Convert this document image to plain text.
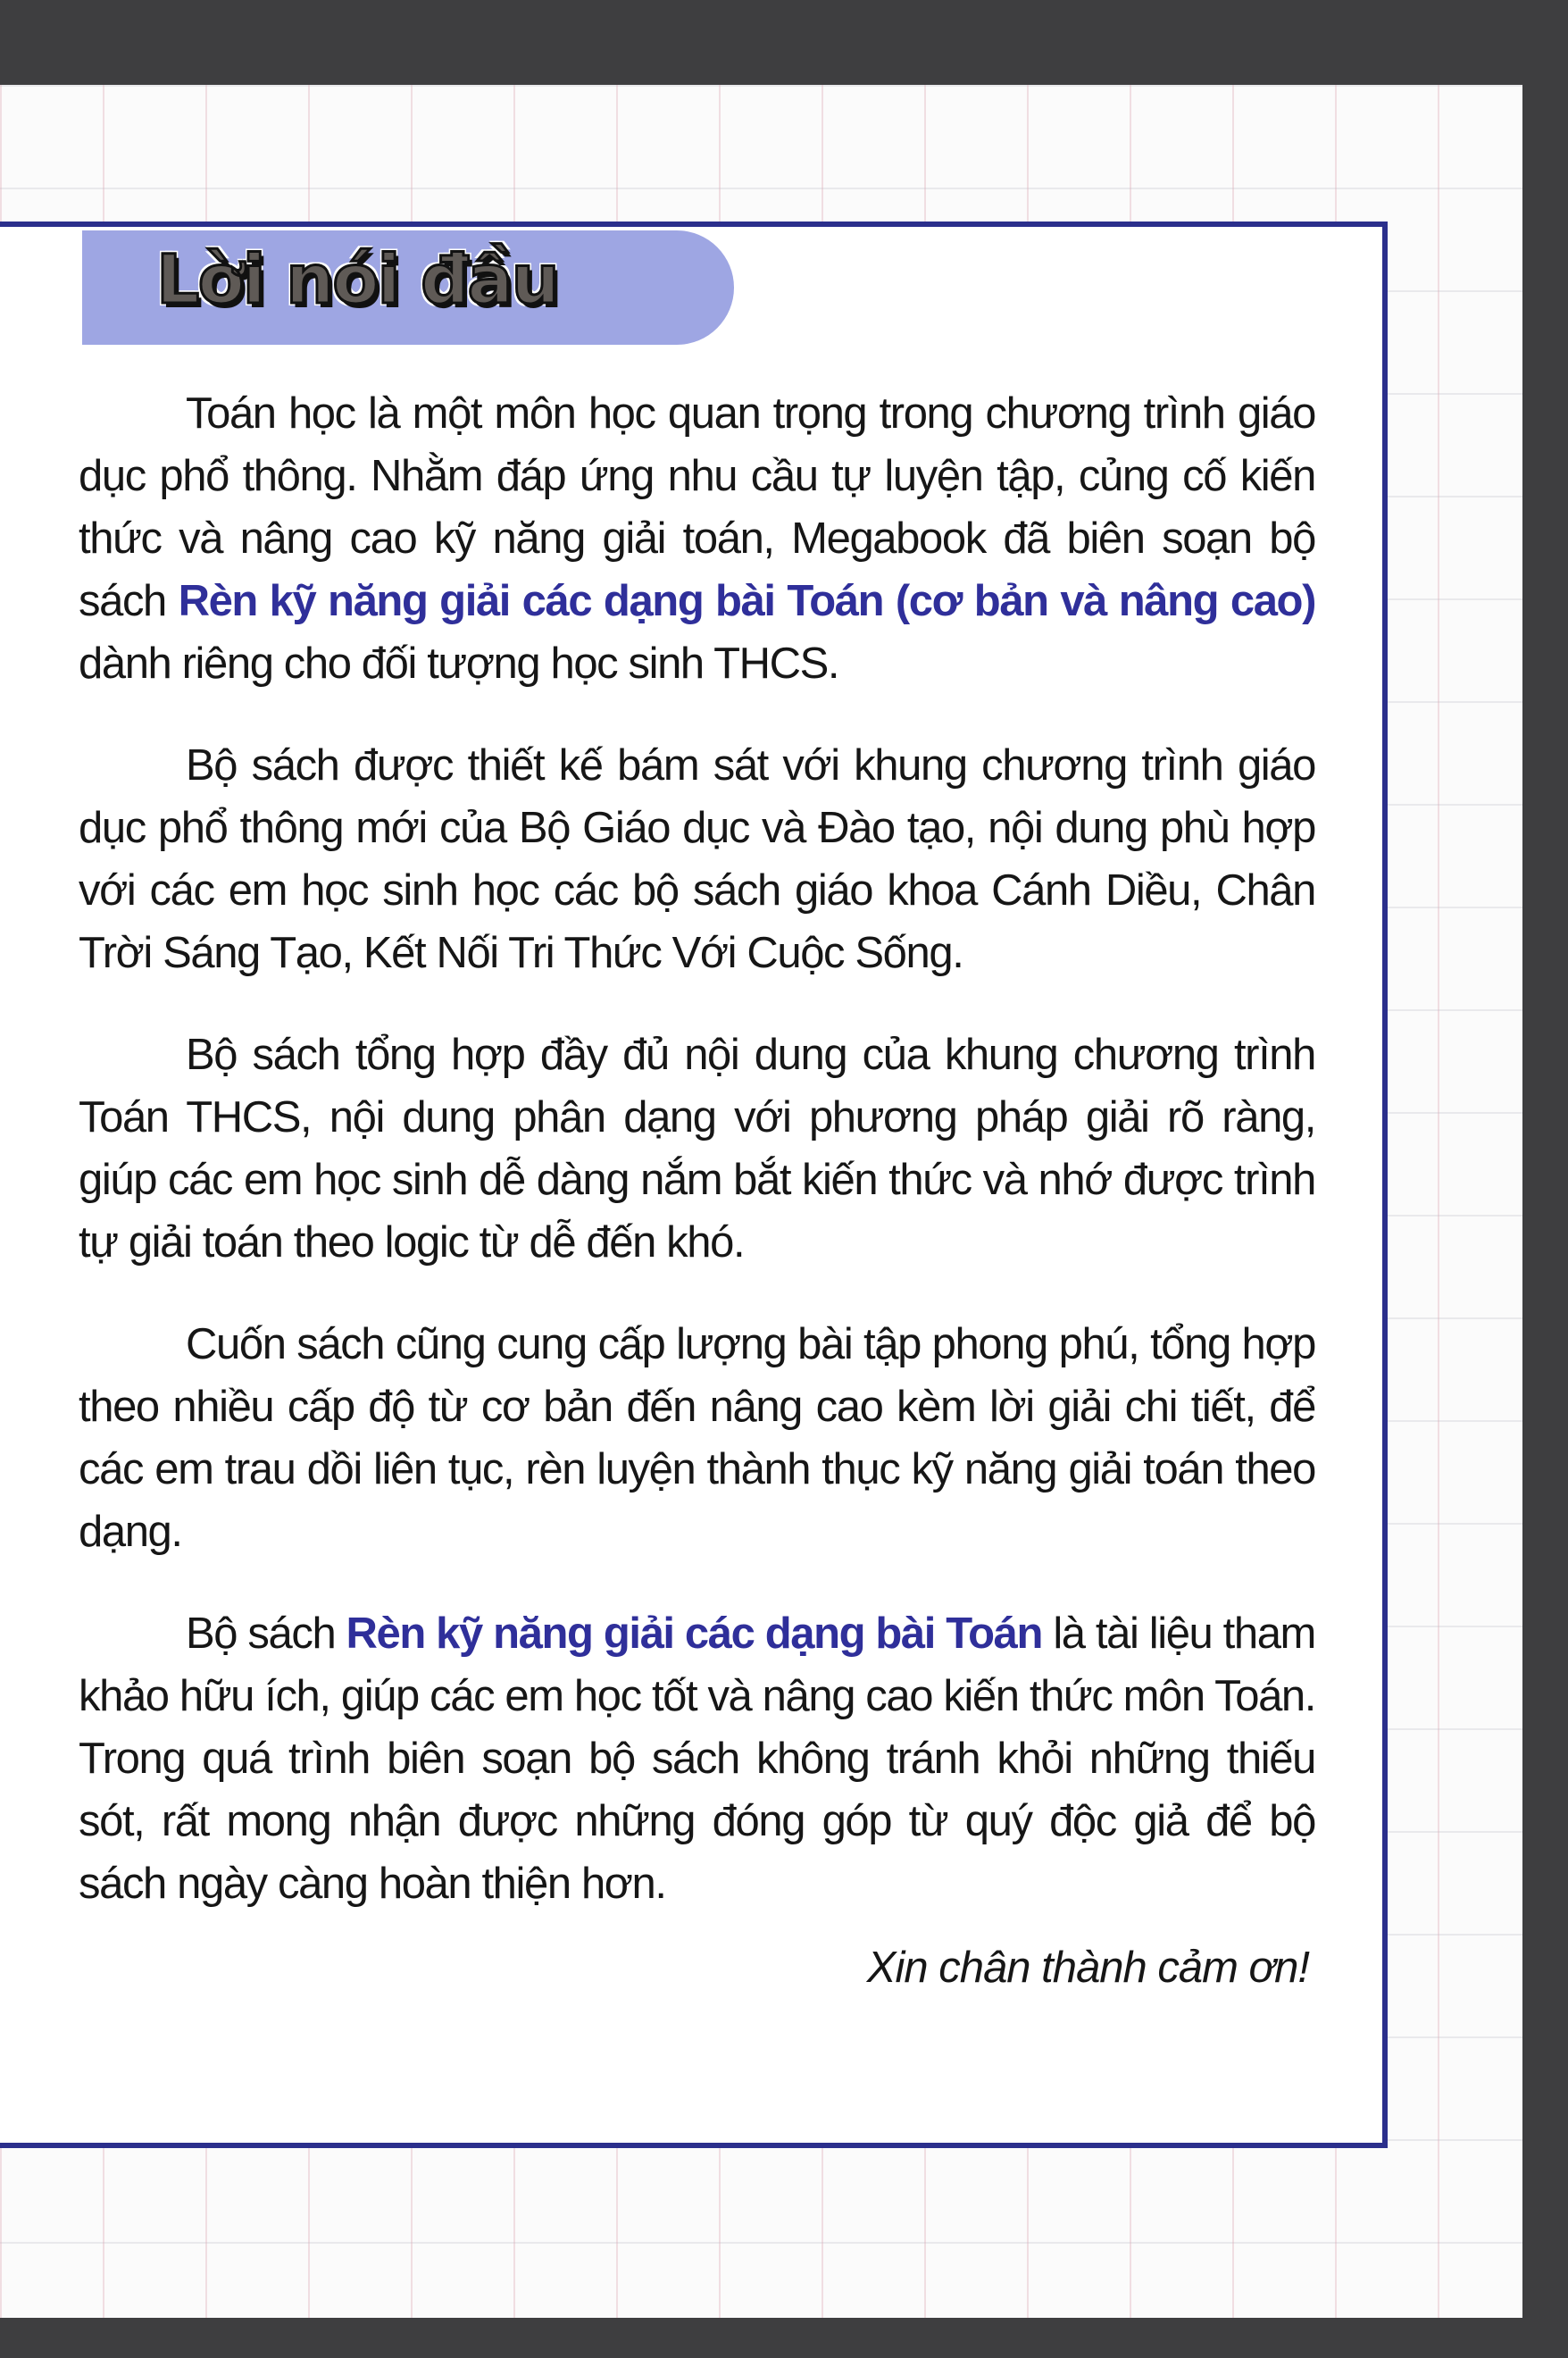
Lời nói đầu

Toán học là một môn học quan trọng trong chương trình giáo dục phổ thông. Nhằm đáp ứng nhu cầu tự luyện tập, củng cố kiến thức và nâng cao kỹ năng giải toán, Megabook đã biên soạn bộ sách Rèn kỹ năng giải các dạng bài Toán (cơ bản và nâng cao) dành riêng cho đối tượng học sinh THCS.

Bộ sách được thiết kế bám sát với khung chương trình giáo dục phổ thông mới của Bộ Giáo dục và Đào tạo, nội dung phù hợp với các em học sinh học các bộ sách giáo khoa Cánh Diều, Chân Trời Sáng Tạo, Kết Nối Tri Thức Với Cuộc Sống.

Bộ sách tổng hợp đầy đủ nội dung của khung chương trình Toán THCS, nội dung phân dạng với phương pháp giải rõ ràng, giúp các em học sinh dễ dàng nắm bắt kiến thức và nhớ được trình tự giải toán theo logic từ dễ đến khó.

Cuốn sách cũng cung cấp lượng bài tập phong phú, tổng hợp theo nhiều cấp độ từ cơ bản đến nâng cao kèm lời giải chi tiết, để các em trau dồi liên tục, rèn luyện thành thục kỹ năng giải toán theo dạng.

Bộ sách Rèn kỹ năng giải các dạng bài Toán là tài liệu tham khảo hữu ích, giúp các em học tốt và nâng cao kiến thức môn Toán. Trong quá trình biên soạn bộ sách không tránh khỏi những thiếu sót, rất mong nhận được những đóng góp từ quý độc giả để bộ sách ngày càng hoàn thiện hơn.

Xin chân thành cảm ơn!
